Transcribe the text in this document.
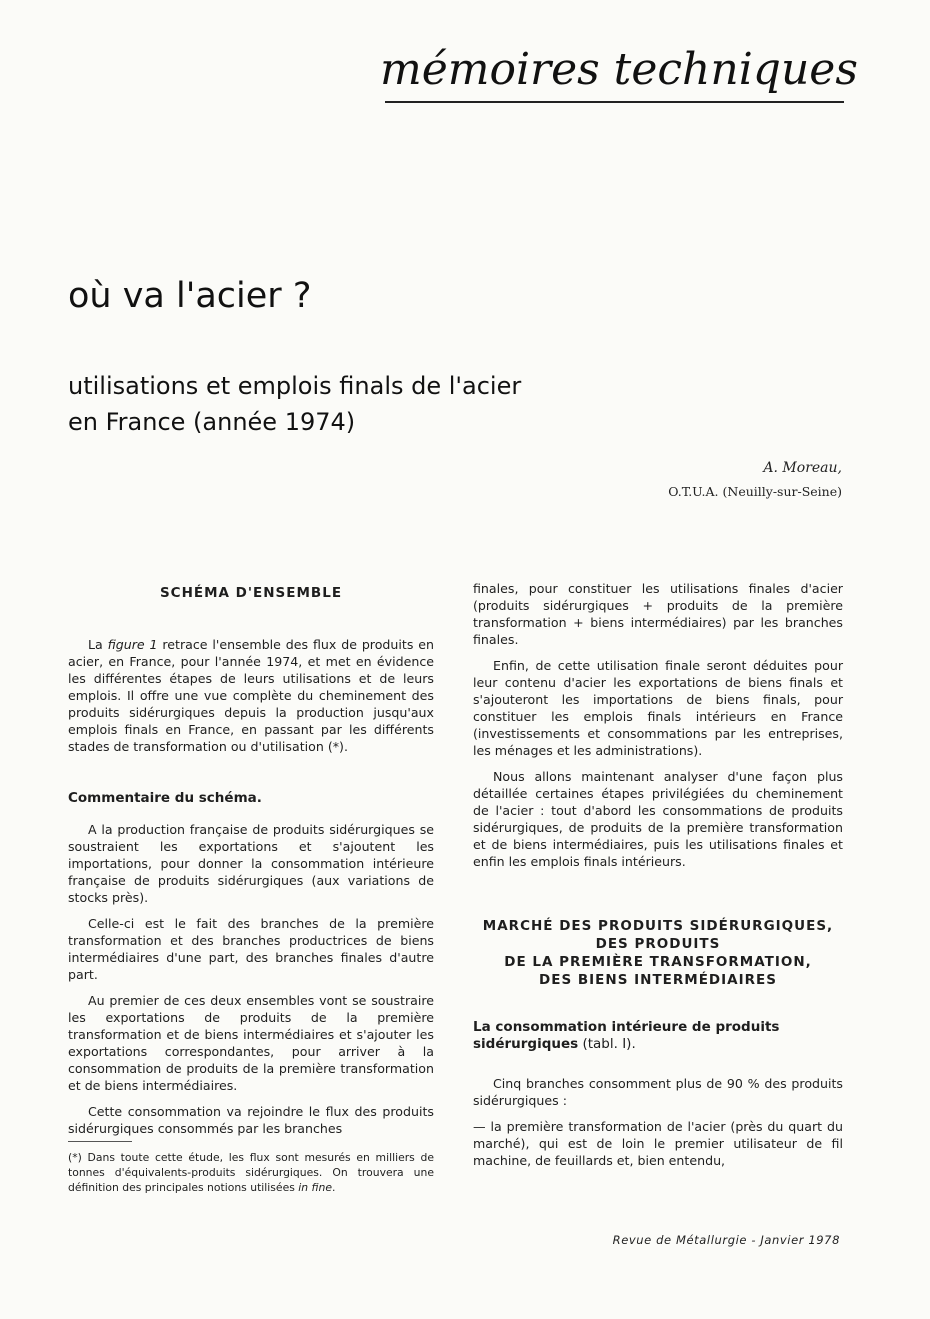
mémoires techniques
où va l'acier ?
utilisations et emplois finals de l'acier
en France (année 1974)
A. Moreau,
O.T.U.A. (Neuilly-sur-Seine)
SCHÉMA D'ENSEMBLE

La figure 1 retrace l'ensemble des flux de produits en acier, en France, pour l'année 1974, et met en évidence les différentes étapes de leurs utilisations et de leurs emplois. Il offre une vue complète du cheminement des produits sidérurgiques depuis la production jusqu'aux emplois finals en France, en passant par les différents stades de transformation ou d'utilisation (*).

Commentaire du schéma.

A la production française de produits sidérurgiques se soustraient les exportations et s'ajoutent les importations, pour donner la consommation intérieure française de produits sidérurgiques (aux variations de stocks près).

Celle-ci est le fait des branches de la première transformation et des branches productrices de biens intermédiaires d'une part, des branches finales d'autre part.

Au premier de ces deux ensembles vont se soustraire les exportations de produits de la première transformation et de biens intermédiaires et s'ajouter les exportations correspondantes, pour arriver à la consommation de produits de la première transformation et de biens intermédiaires.

Cette consommation va rejoindre le flux des produits sidérurgiques consommés par les branches

(*) Dans toute cette étude, les flux sont mesurés en milliers de tonnes d'équivalents-produits sidérurgiques. On trouvera une définition des principales notions utilisées in fine.

finales, pour constituer les utilisations finales d'acier (produits sidérurgiques + produits de la première transformation + biens intermédiaires) par les branches finales.

Enfin, de cette utilisation finale seront déduites pour leur contenu d'acier les exportations de biens finals et s'ajouteront les importations de biens finals, pour constituer les emplois finals intérieurs en France (investissements et consommations par les entreprises, les ménages et les administrations).

Nous allons maintenant analyser d'une façon plus détaillée certaines étapes privilégiées du cheminement de l'acier : tout d'abord les consommations de produits sidérurgiques, de produits de la première transformation et de biens intermédiaires, puis les utilisations finales et enfin les emplois finals intérieurs.

MARCHÉ DES PRODUITS SIDÉRURGIQUES,
DES PRODUITS
DE LA PREMIÈRE TRANSFORMATION,
DES BIENS INTERMÉDIAIRES
La consommation intérieure de produits sidérurgiques (tabl. I).

Cinq branches consomment plus de 90 % des produits sidérurgiques :

— la première transformation de l'acier (près du quart du marché), qui est de loin le premier utilisateur de fil machine, de feuillards et, bien entendu,

Revue de Métallurgie - Janvier 1978
